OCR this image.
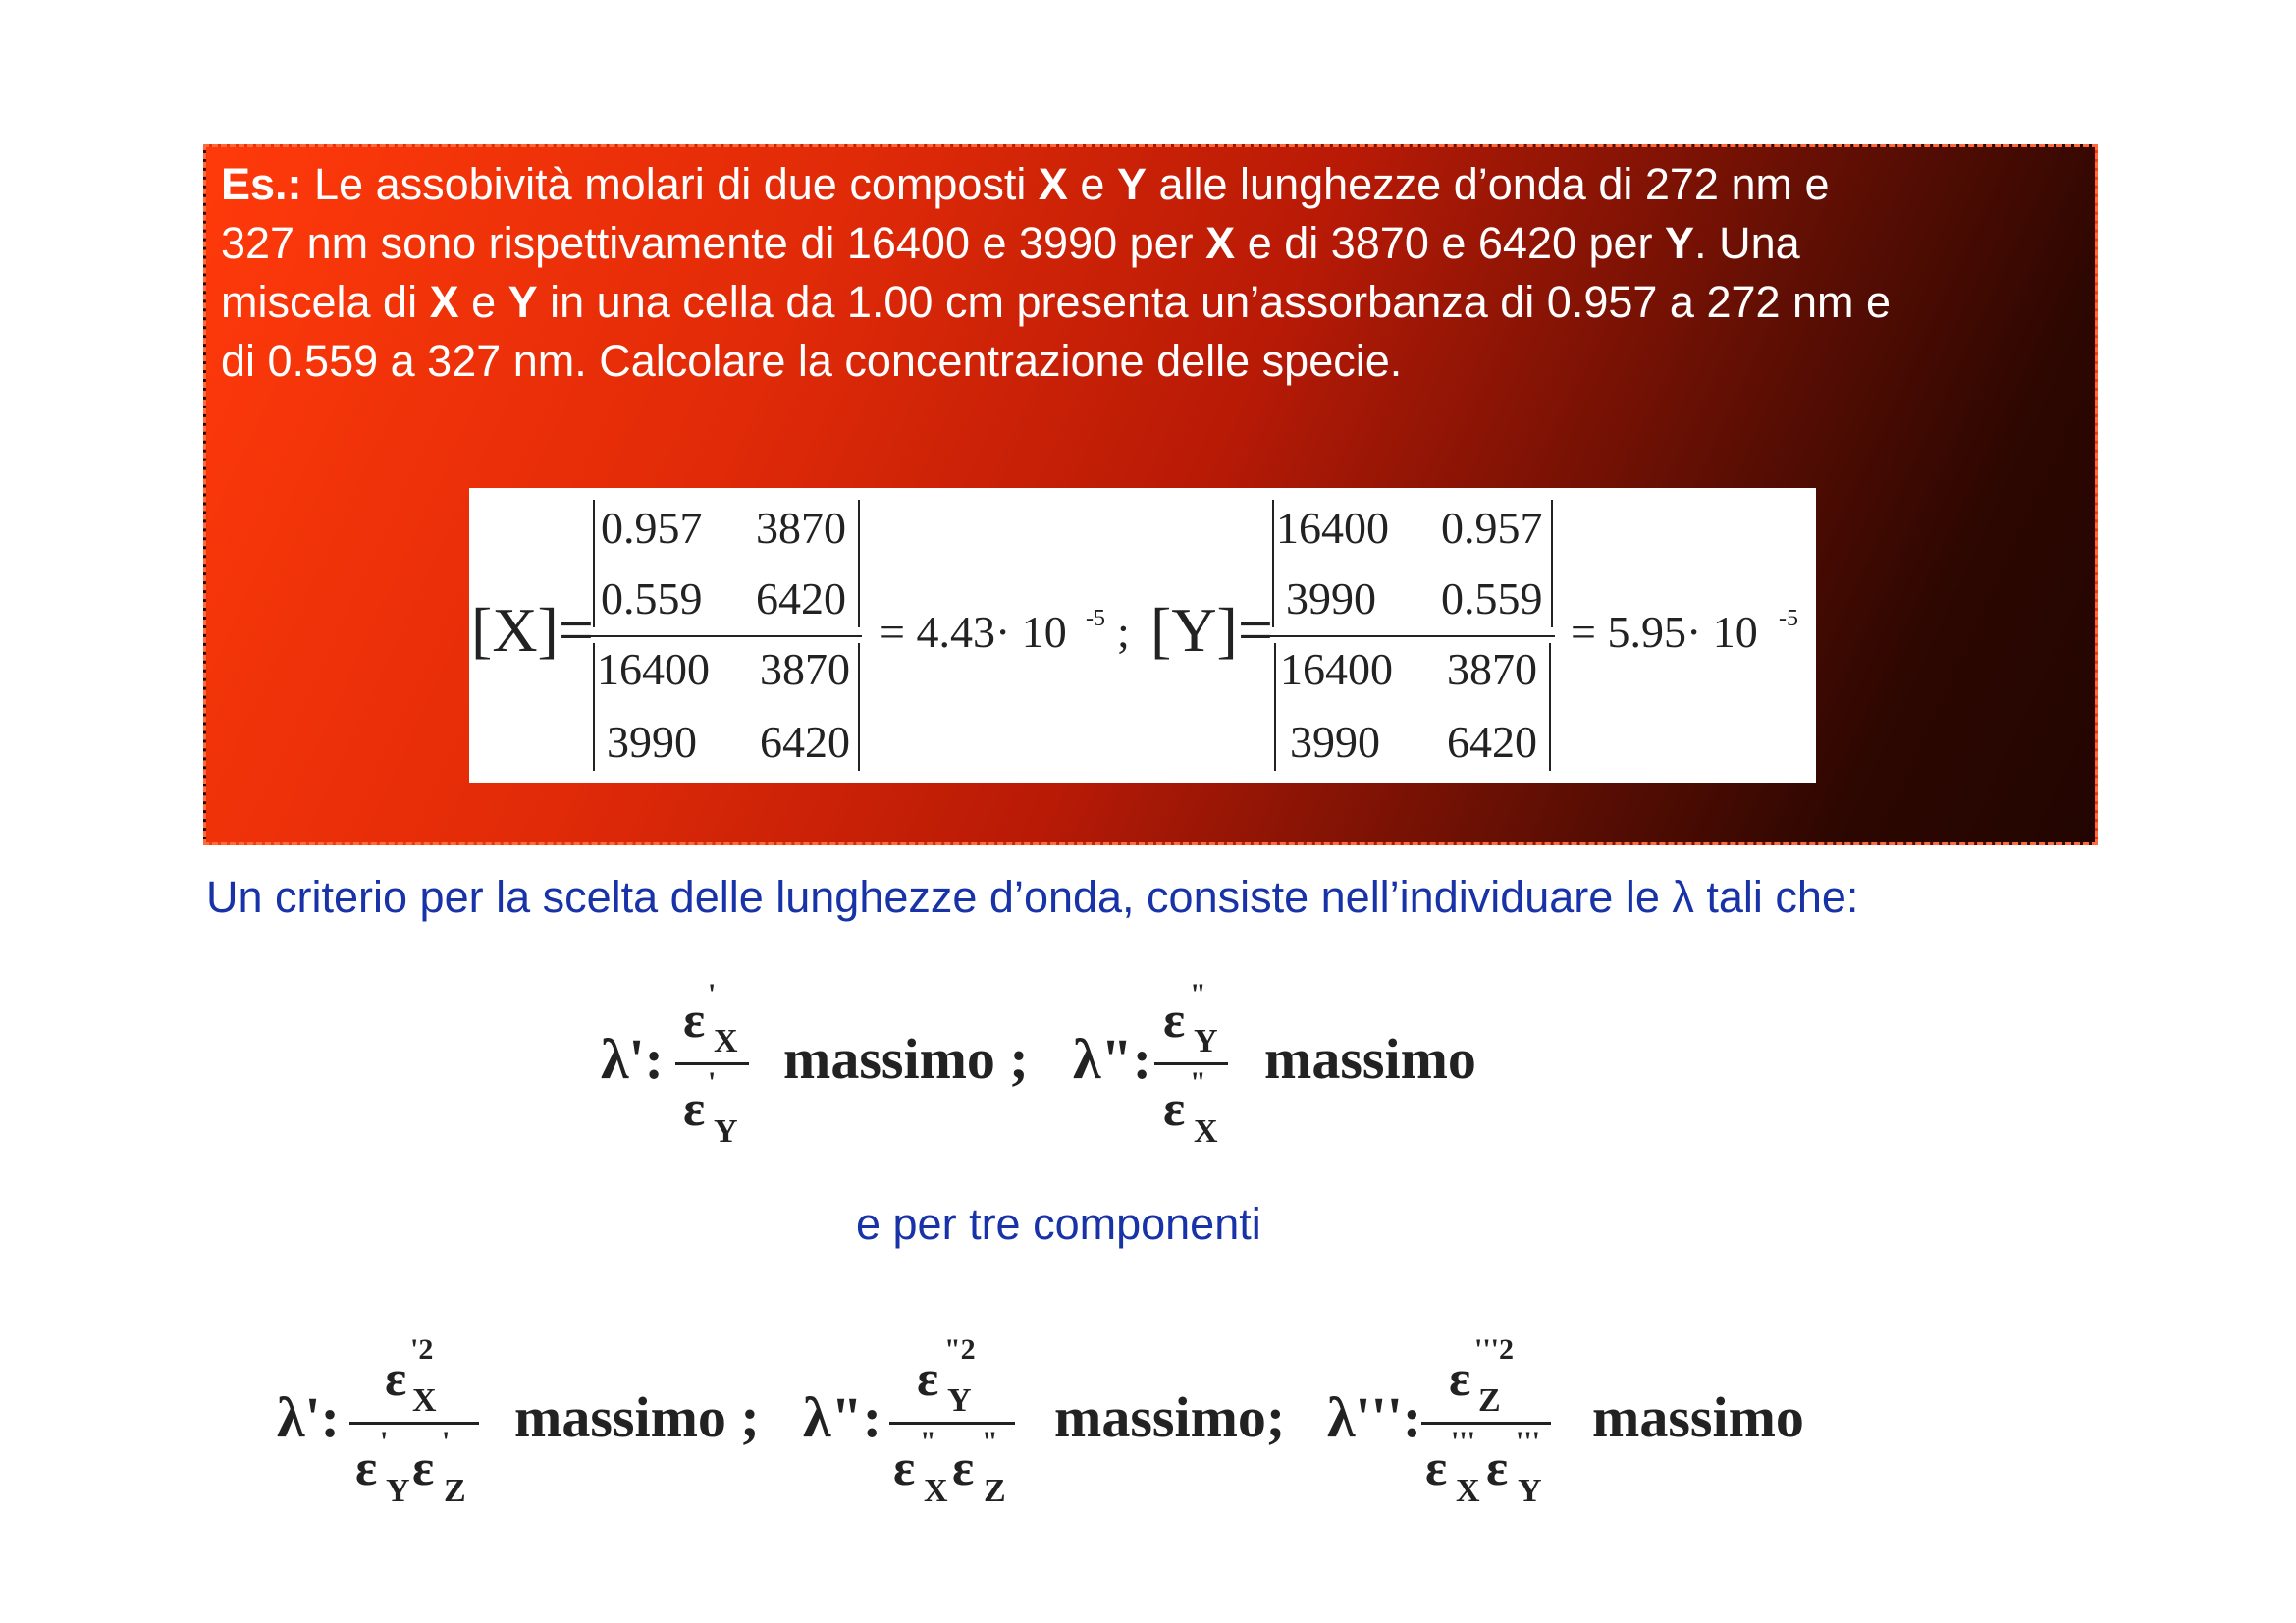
Es.: Le assobività molari di due composti X e Y alle lunghezze d’onda di 272 nm e
327 nm sono rispettivamente di 16400 e 3990 per X e di 3870 e 6420 per Y. Una
miscela di X e Y in una cella da 1.00 cm presenta un’assorbanza di 0.957 a 272 nm e
di 0.559 a 327 nm. Calcolare la concentrazione delle specie.
[X]=
0.957 3870
0.559 6420
16400 3870
3990 6420
= 4.43· 10 -5 ; [Y]=
16400 0.957
3990 0.559
16400 3870
3990 6420
= 5.95· 10 -5
Un criterio per la scelta delle lunghezze d’onda, consiste nell’individuare le λ tali che:
λ':
ε '
X
ε '
Y
massimo ; λ":
ε "
Y
ε "
X
massimo
e per tre componenti
λ':
ε
'2
X
ε '
Y ε '
Z
massimo ; λ":
ε
"2
Y
ε "
X ε "
Z
massimo; λ''':
ε
'''2
Z
ε '''
X ε '''
Y
massimo
